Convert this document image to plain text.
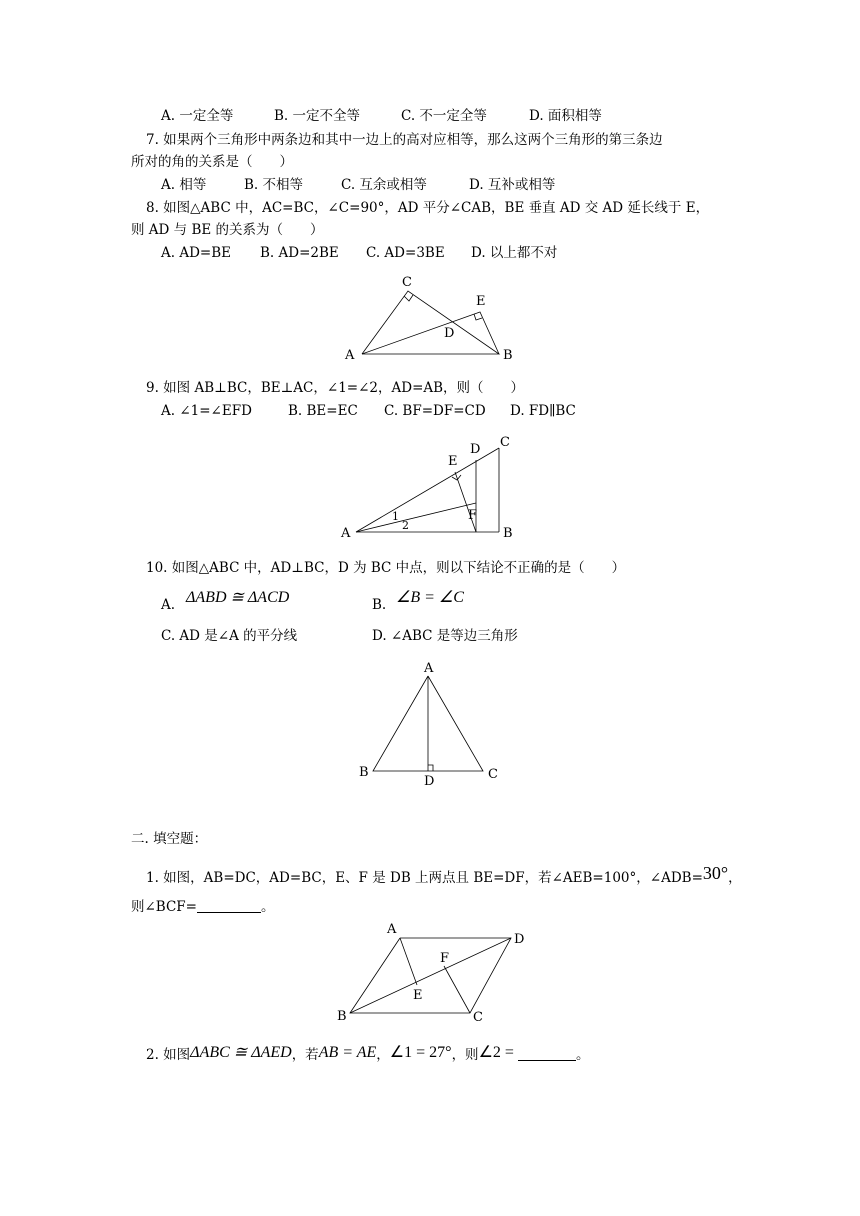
A. 一定全等	B. 一定不全等	C. 不一定全等	D. 面积相等
7. 如果两个三角形中两条边和其中一边上的高对应相等，那么这两个三角形的第三条边
所对的角的关系是（　　）
A. 相等	B. 不相等	C. 互余或相等	D. 互补或相等
8. 如图△ABC 中，AC=BC，∠C=90°，AD 平分∠CAB，BE 垂直 AD 交 AD 延长线于 E，
则 AD 与 BE 的关系为（　　）
A. AD=BE B. AD=2BE C. AD=3BE D. 以上都不对
9. 如图 AB⊥BC，BE⊥AC，∠1=∠2，AD=AB，则（　　）
A. ∠1=∠EFD	B. BE=EC C. BF=DF=CD D. FD∥BC
10. 如图△ABC 中，AD⊥BC，D 为 BC 中点，则以下结论不正确的是（　　）
A. ΔABD ≅ ΔACD	B. ∠B = ∠C
C. AD 是∠A 的平分线	D. ∠ABC 是等边三角形
二. 填空题：
1. 如图，AB=DC，AD=BC，E、F 是 DB 上两点且 BE=DF，若∠AEB=100°，∠ADB=30°，
则∠BCF=	。
2. 如图ΔABC ≅ ΔAED，若AB = AE，∠1 = 27°，则∠2 =	。
C
E
D
A	B
D C
E
F
A	B
1
2
A
B
D	C
A
D
F
E
B	C
